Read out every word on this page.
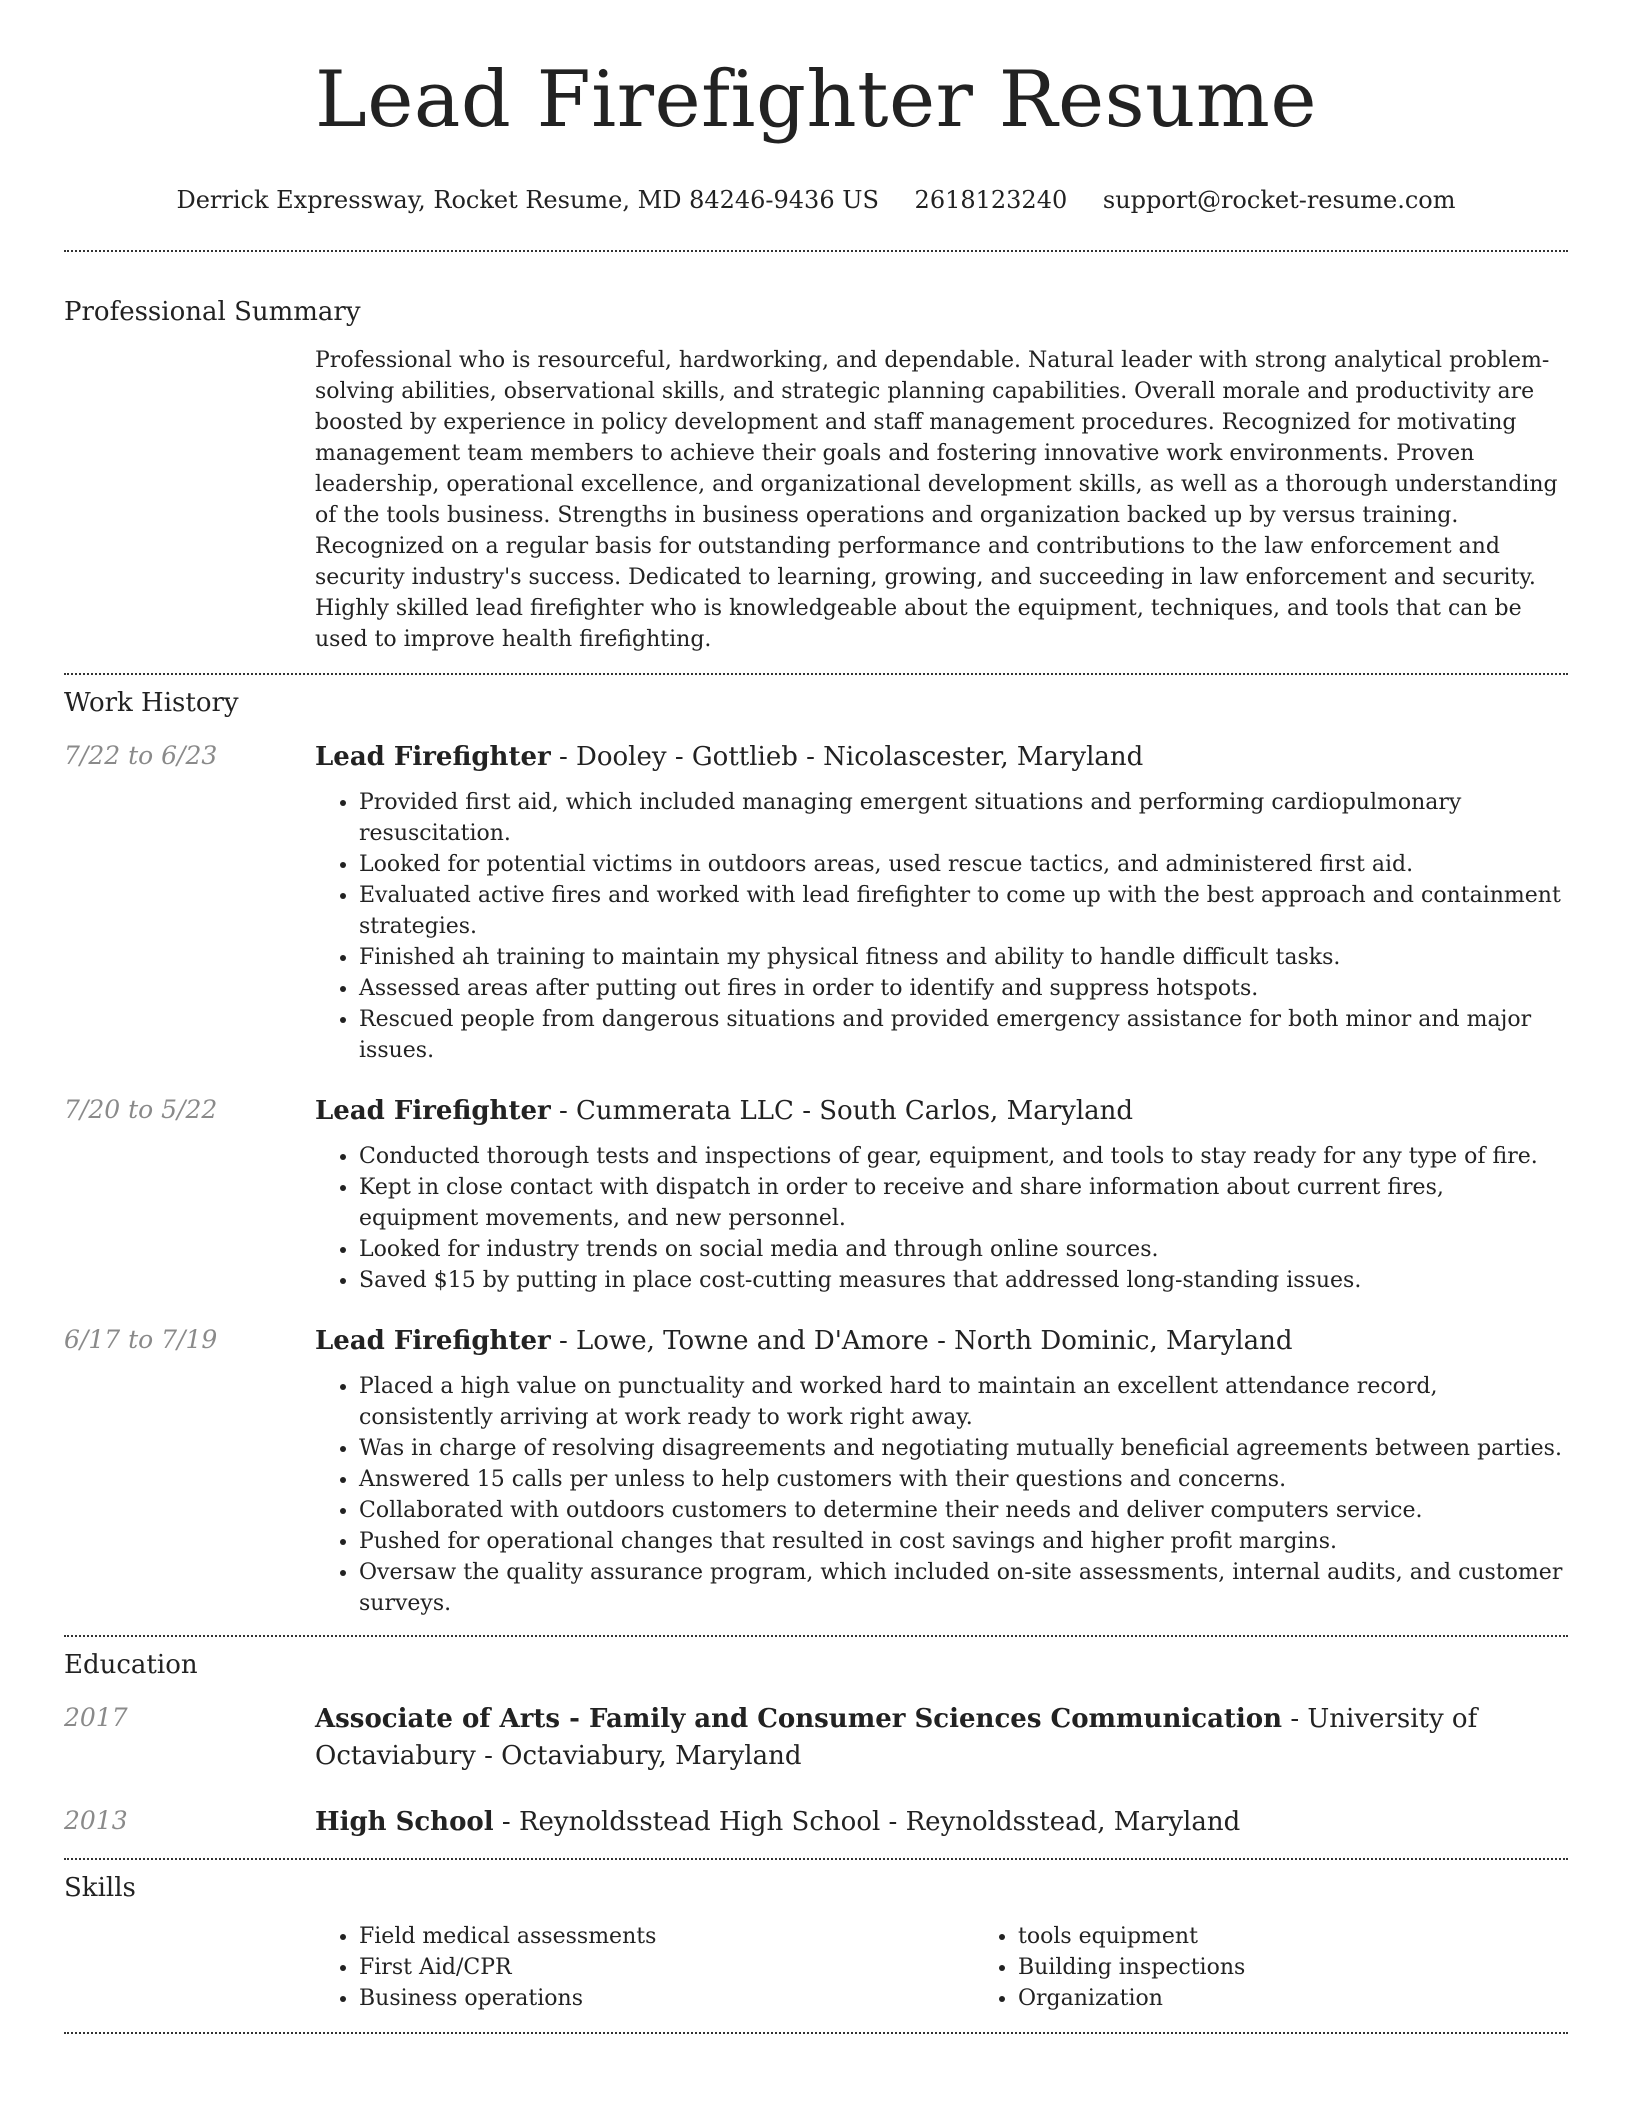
Lead Firefighter Resume
Derrick Expressway, Rocket Resume, MD 84246-9436 US 2618123240 support@rocket-resume.com
Professional Summary
Professional who is resourceful, hardworking, and dependable. Natural leader with strong analytical problem-solving abilities, observational skills, and strategic planning capabilities. Overall morale and productivity are boosted by experience in policy development and staff management procedures. Recognized for motivating management team members to achieve their goals and fostering innovative work environments. Proven leadership, operational excellence, and organizational development skills, as well as a thorough understanding of the tools business. Strengths in business operations and organization backed up by versus training. Recognized on a regular basis for outstanding performance and contributions to the law enforcement and security industry's success. Dedicated to learning, growing, and succeeding in law enforcement and security. Highly skilled lead firefighter who is knowledgeable about the equipment, techniques, and tools that can be used to improve health firefighting.
Work History
7/22 to 6/23	Lead Firefighter - Dooley - Gottlieb - Nicolascester, Maryland
• Provided first aid, which included managing emergent situations and performing cardiopulmonary resuscitation.
• Looked for potential victims in outdoors areas, used rescue tactics, and administered first aid.
• Evaluated active fires and worked with lead firefighter to come up with the best approach and containment strategies.
• Finished ah training to maintain my physical fitness and ability to handle difficult tasks.
• Assessed areas after putting out fires in order to identify and suppress hotspots.
• Rescued people from dangerous situations and provided emergency assistance for both minor and major issues.
7/20 to 5/22	Lead Firefighter - Cummerata LLC - South Carlos, Maryland
• Conducted thorough tests and inspections of gear, equipment, and tools to stay ready for any type of fire.
• Kept in close contact with dispatch in order to receive and share information about current fires, equipment movements, and new personnel.
• Looked for industry trends on social media and through online sources.
• Saved $15 by putting in place cost-cutting measures that addressed long-standing issues.
6/17 to 7/19	Lead Firefighter - Lowe, Towne and D'Amore - North Dominic, Maryland
• Placed a high value on punctuality and worked hard to maintain an excellent attendance record, consistently arriving at work ready to work right away.
• Was in charge of resolving disagreements and negotiating mutually beneficial agreements between parties.
• Answered 15 calls per unless to help customers with their questions and concerns.
• Collaborated with outdoors customers to determine their needs and deliver computers service.
• Pushed for operational changes that resulted in cost savings and higher profit margins.
• Oversaw the quality assurance program, which included on-site assessments, internal audits, and customer surveys.
Education
2017	Associate of Arts - Family and Consumer Sciences Communication - University of Octaviabury - Octaviabury, Maryland
2013	High School - Reynoldsstead High School - Reynoldsstead, Maryland
Skills
• Field medical assessments
• First Aid/CPR
• Business operations
• tools equipment
• Building inspections
• Organization
